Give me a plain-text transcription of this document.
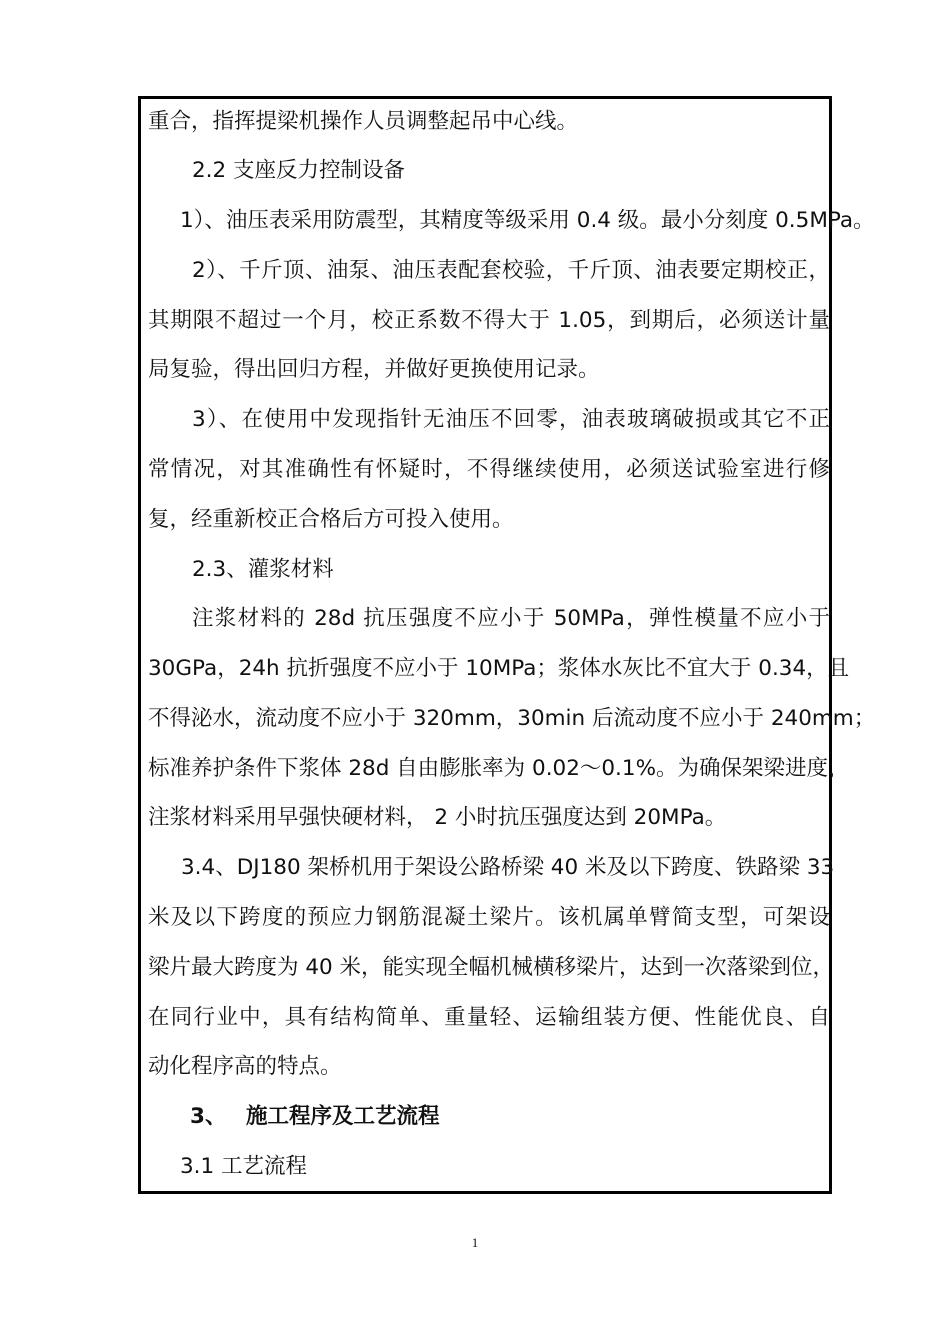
重合，指挥提梁机操作人员调整起吊中心线。
2.2 支座反力控制设备
1）、油压表采用防震型，其精度等级采用 0.4 级。最小分刻度 0.5MPa。
2）、千斤顶、油泵、油压表配套校验，千斤顶、油表要定期校正，
其期限不超过一个月，校正系数不得大于 1.05，到期后，必须送计量
局复验，得出回归方程，并做好更换使用记录。
3）、在使用中发现指针无油压不回零，油表玻璃破损或其它不正
常情况，对其准确性有怀疑时，不得继续使用，必须送试验室进行修
复，经重新校正合格后方可投入使用。
2.3、灌浆材料
注浆材料的 28d 抗压强度不应小于 50MPa，弹性模量不应小于
30GPa，24h 抗折强度不应小于 10MPa；浆体水灰比不宜大于 0.34，且
不得泌水，流动度不应小于 320mm，30min 后流动度不应小于 240mm；
标准养护条件下浆体 28d 自由膨胀率为 0.02～0.1%。为确保架梁进度，
注浆材料采用早强快硬材料， 2 小时抗压强度达到 20MPa。
3.4、DJ180 架桥机用于架设公路桥梁 40 米及以下跨度、铁路梁 33
米及以下跨度的预应力钢筋混凝土梁片。该机属单臂简支型，可架设
梁片最大跨度为 40 米，能实现全幅机械横移梁片，达到一次落梁到位，
在同行业中，具有结构简单、重量轻、运输组装方便、性能优良、自
动化程序高的特点。
3、 施工程序及工艺流程
3.1 工艺流程
1
